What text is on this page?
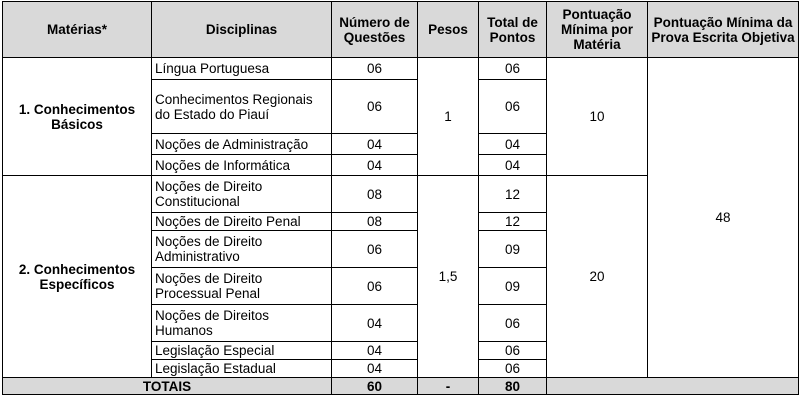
Matérias*	Disciplinas	Número de Questões	Pesos	Total de Pontos	Pontuação Mínima por Matéria	Pontuação Mínima da Prova Escrita Objetiva
1. Conhecimentos Básicos	Língua Portuguesa	06	1	06	10	48
	Conhecimentos Regionais do Estado do Piauí	06		06		
	Noções de Administração	04		04		
	Noções de Informática	04		04		
2. Conhecimentos Específicos	Noções de Direito Constitucional	08	1,5	12	20	
	Noções de Direito Penal	08		12		
	Noções de Direito Administrativo	06		09		
	Noções de Direito Processual Penal	06		09		
	Noções de Direitos Humanos	04		06		
	Legislação Especial	04		06		
	Legislação Estadual	04		06		
TOTAIS		60	-	80		
